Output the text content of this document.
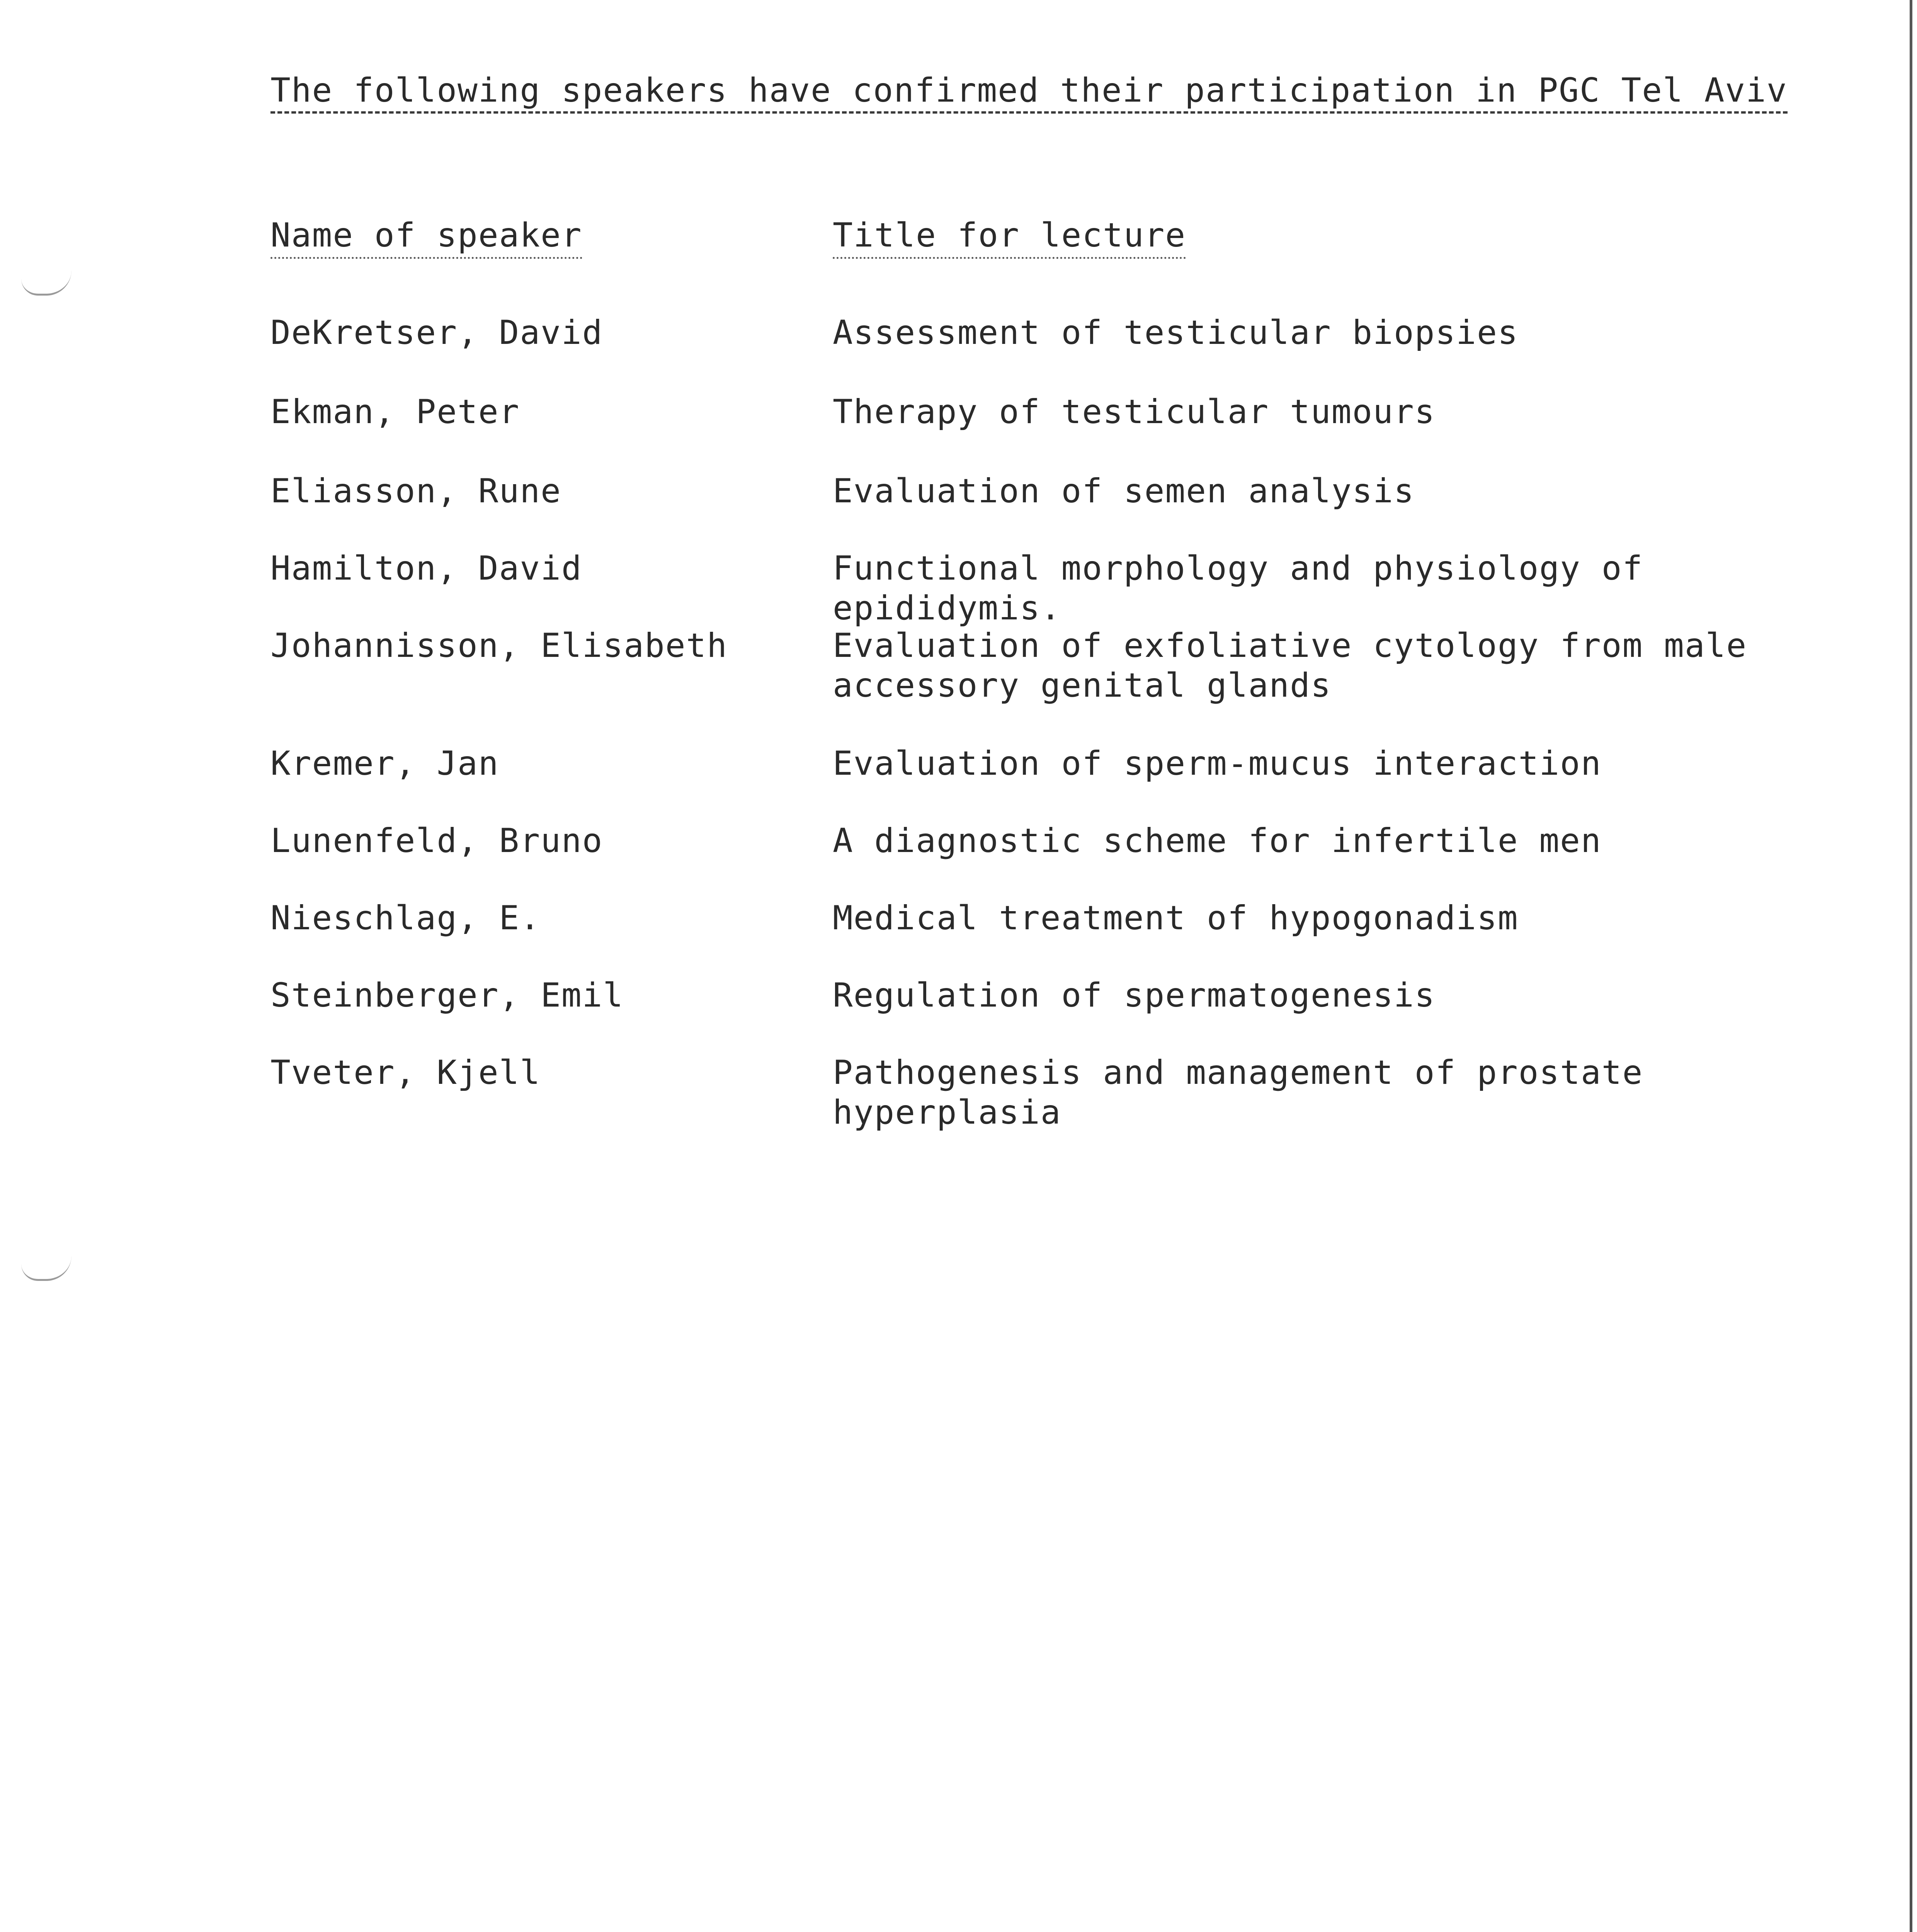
The following speakers have confirmed their participation in PGC Tel Aviv
Name of speaker	Title for lecture
DeKretser, David	Assessment of testicular biopsies
Ekman, Peter	Therapy of testicular tumours
Eliasson, Rune	Evaluation of semen analysis
Hamilton, David	Functional morphology and physiology of epididymis.
Johannisson, Elisabeth	Evaluation of exfoliative cytology from male
accessory genital glands
Kremer, Jan	Evaluation of sperm-mucus interaction
Lunenfeld, Bruno	A diagnostic scheme for infertile men
Nieschlag, E.	Medical treatment of hypogonadism
Steinberger, Emil	Regulation of spermatogenesis
Tveter, Kjell	Pathogenesis and management of prostate hyperplasia
